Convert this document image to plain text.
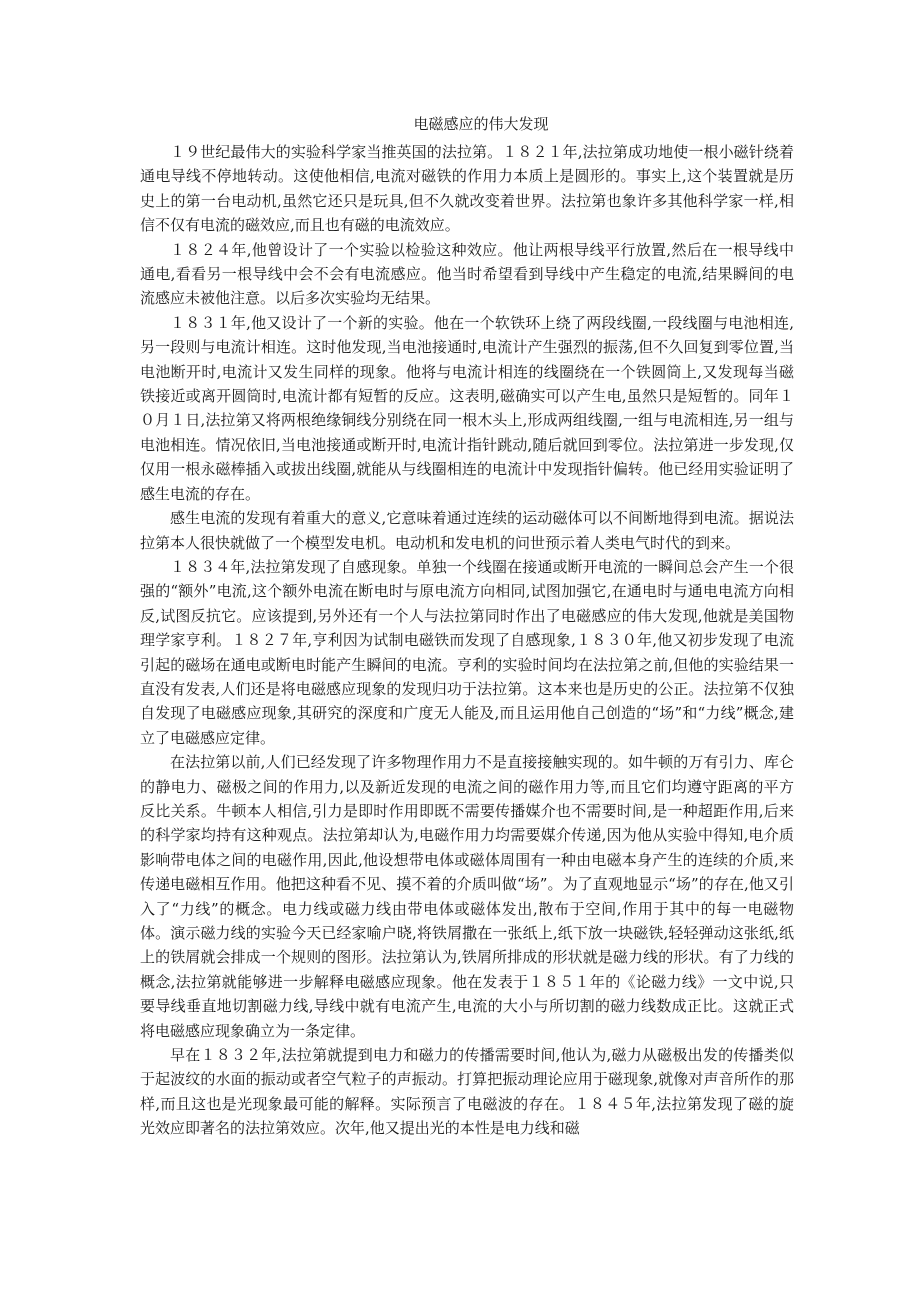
电磁感应的伟大发现

１９世纪最伟大的实验科学家当推英国的法拉第。１８２１年,法拉第成功地使一根小磁针绕着通电导线不停地转动。这使他相信,电流对磁铁的作用力本质上是圆形的。事实上,这个装置就是历史上的第一台电动机,虽然它还只是玩具,但不久就改变着世界。法拉第也象许多其他科学家一样,相信不仅有电流的磁效应,而且也有磁的电流效应。

１８２４年,他曾设计了一个实验以检验这种效应。他让两根导线平行放置,然后在一根导线中通电,看看另一根导线中会不会有电流感应。他当时希望看到导线中产生稳定的电流,结果瞬间的电流感应未被他注意。以后多次实验均无结果。

１８３１年,他又设计了一个新的实验。他在一个软铁环上绕了两段线圈,一段线圈与电池相连,另一段则与电流计相连。这时他发现,当电池接通时,电流计产生强烈的振荡,但不久回复到零位置,当电池断开时,电流计又发生同样的现象。他将与电流计相连的线圈绕在一个铁圆筒上,又发现每当磁铁接近或离开圆筒时,电流计都有短暂的反应。这表明,磁确实可以产生电,虽然只是短暂的。同年１０月１日,法拉第又将两根绝缘铜线分别绕在同一根木头上,形成两组线圈,一组与电流相连,另一组与电池相连。情况依旧,当电池接通或断开时,电流计指针跳动,随后就回到零位。法拉第进一步发现,仅仅用一根永磁棒插入或拔出线圈,就能从与线圈相连的电流计中发现指针偏转。他已经用实验证明了感生电流的存在。

感生电流的发现有着重大的意义,它意味着通过连续的运动磁体可以不间断地得到电流。据说法拉第本人很快就做了一个模型发电机。电动机和发电机的问世预示着人类电气时代的到来。

１８３４年,法拉第发现了自感现象。单独一个线圈在接通或断开电流的一瞬间总会产生一个很强的“额外”电流,这个额外电流在断电时与原电流方向相同,试图加强它,在通电时与通电电流方向相反,试图反抗它。应该提到,另外还有一个人与法拉第同时作出了电磁感应的伟大发现,他就是美国物理学家亨利。１８２７年,亨利因为试制电磁铁而发现了自感现象,１８３０年,他又初步发现了电流引起的磁场在通电或断电时能产生瞬间的电流。亨利的实验时间均在法拉第之前,但他的实验结果一直没有发表,人们还是将电磁感应现象的发现归功于法拉第。这本来也是历史的公正。法拉第不仅独自发现了电磁感应现象,其研究的深度和广度无人能及,而且运用他自己创造的“场”和“力线”概念,建立了电磁感应定律。

在法拉第以前,人们已经发现了许多物理作用力不是直接接触实现的。如牛顿的万有引力、库仑的静电力、磁极之间的作用力,以及新近发现的电流之间的磁作用力等,而且它们均遵守距离的平方反比关系。牛顿本人相信,引力是即时作用即既不需要传播媒介也不需要时间,是一种超距作用,后来的科学家均持有这种观点。法拉第却认为,电磁作用力均需要媒介传递,因为他从实验中得知,电介质影响带电体之间的电磁作用,因此,他设想带电体或磁体周围有一种由电磁本身产生的连续的介质,来传递电磁相互作用。他把这种看不见、摸不着的介质叫做“场”。为了直观地显示“场”的存在,他又引入了“力线”的概念。电力线或磁力线由带电体或磁体发出,散布于空间,作用于其中的每一电磁物体。演示磁力线的实验今天已经家喻户晓,将铁屑撒在一张纸上,纸下放一块磁铁,轻轻弹动这张纸,纸上的铁屑就会排成一个规则的图形。法拉第认为,铁屑所排成的形状就是磁力线的形状。有了力线的概念,法拉第就能够进一步解释电磁感应现象。他在发表于１８５１年的《论磁力线》一文中说,只要导线垂直地切割磁力线,导线中就有电流产生,电流的大小与所切割的磁力线数成正比。这就正式将电磁感应现象确立为一条定律。

早在１８３２年,法拉第就提到电力和磁力的传播需要时间,他认为,磁力从磁极出发的传播类似于起波纹的水面的振动或者空气粒子的声振动。打算把振动理论应用于磁现象,就像对声音所作的那样,而且这也是光现象最可能的解释。实际预言了电磁波的存在。１８４５年,法拉第发现了磁的旋光效应即著名的法拉第效应。次年,他又提出光的本性是电力线和磁
